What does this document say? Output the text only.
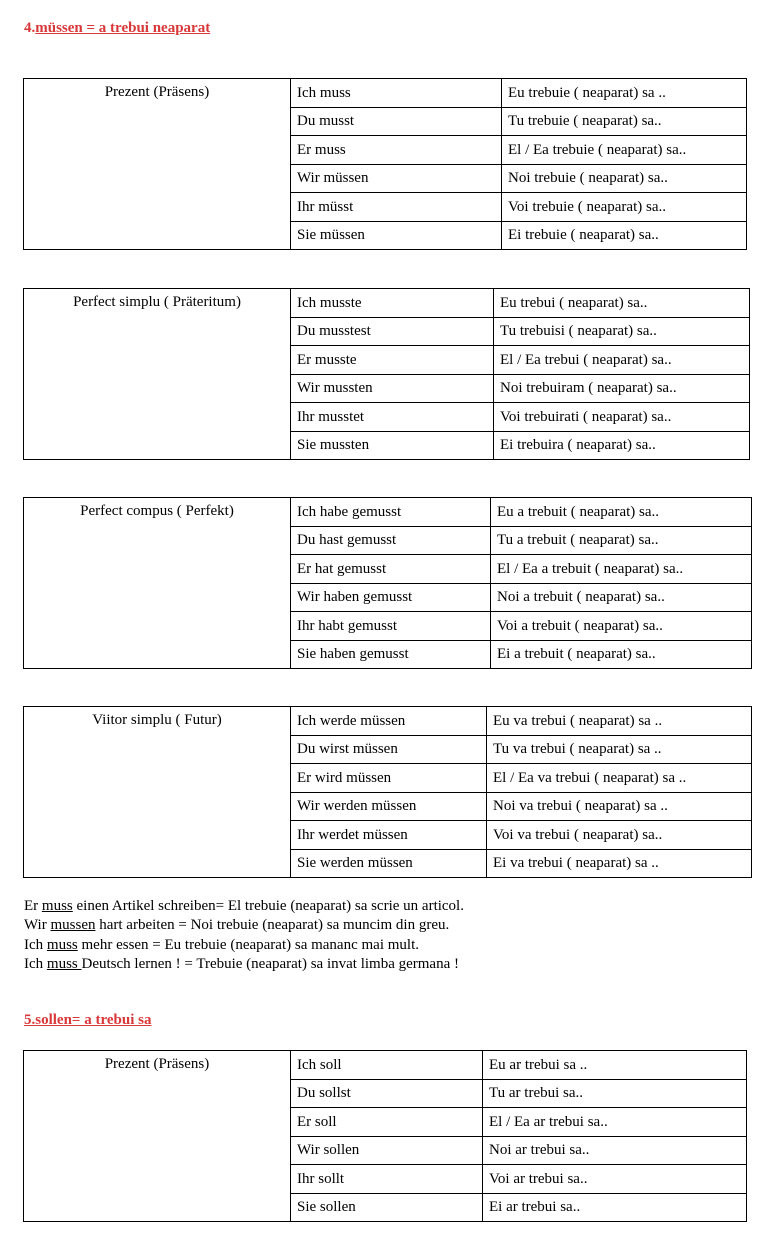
4.müssen = a trebui neaparat
Prezent (Präsens)	Ich muss	Eu trebuie ( neaparat) sa ..
	Du musst	Tu trebuie ( neaparat) sa..
	Er muss	El / Ea trebuie ( neaparat) sa..
	Wir müssen	Noi trebuie ( neaparat) sa..
	Ihr müsst	Voi trebuie ( neaparat) sa..
	Sie müssen	Ei trebuie ( neaparat) sa..
Perfect simplu ( Präteritum)	Ich musste	Eu trebui ( neaparat) sa..
	Du musstest	Tu trebuisi ( neaparat) sa..
	Er musste	El / Ea trebui ( neaparat) sa..
	Wir mussten	Noi trebuiram ( neaparat) sa..
	Ihr musstet	Voi trebuirati ( neaparat) sa..
	Sie mussten	Ei trebuira ( neaparat) sa..
Perfect compus ( Perfekt)	Ich habe gemusst	Eu a trebuit ( neaparat) sa..
	Du hast gemusst	Tu a trebuit ( neaparat) sa..
	Er hat gemusst	El / Ea a trebuit ( neaparat) sa..
	Wir haben gemusst	Noi a trebuit ( neaparat) sa..
	Ihr habt gemusst	Voi a trebuit ( neaparat) sa..
	Sie haben gemusst	Ei a trebuit ( neaparat) sa..
Viitor simplu ( Futur)	Ich werde müssen	Eu va trebui ( neaparat) sa ..
	Du wirst müssen	Tu va trebui ( neaparat) sa ..
	Er wird müssen	El / Ea va trebui ( neaparat) sa ..
	Wir werden müssen	Noi va trebui ( neaparat) sa ..
	Ihr werdet müssen	Voi va trebui ( neaparat) sa..
	Sie werden müssen	Ei va trebui ( neaparat) sa ..
Er muss einen Artikel schreiben= El trebuie (neaparat) sa scrie un articol.
Wir mussen hart arbeiten = Noi trebuie (neaparat) sa muncim din greu.
Ich muss mehr essen = Eu trebuie (neaparat) sa mananc mai mult.
Ich muss Deutsch lernen ! = Trebuie (neaparat) sa invat limba germana !
5.sollen= a trebui sa
Prezent (Präsens)	Ich soll	Eu ar trebui sa ..
	Du sollst	Tu ar trebui sa..
	Er soll	El / Ea ar trebui sa..
	Wir sollen	Noi ar trebui sa..
	Ihr sollt	Voi ar trebui sa..
	Sie sollen	Ei ar trebui sa..
